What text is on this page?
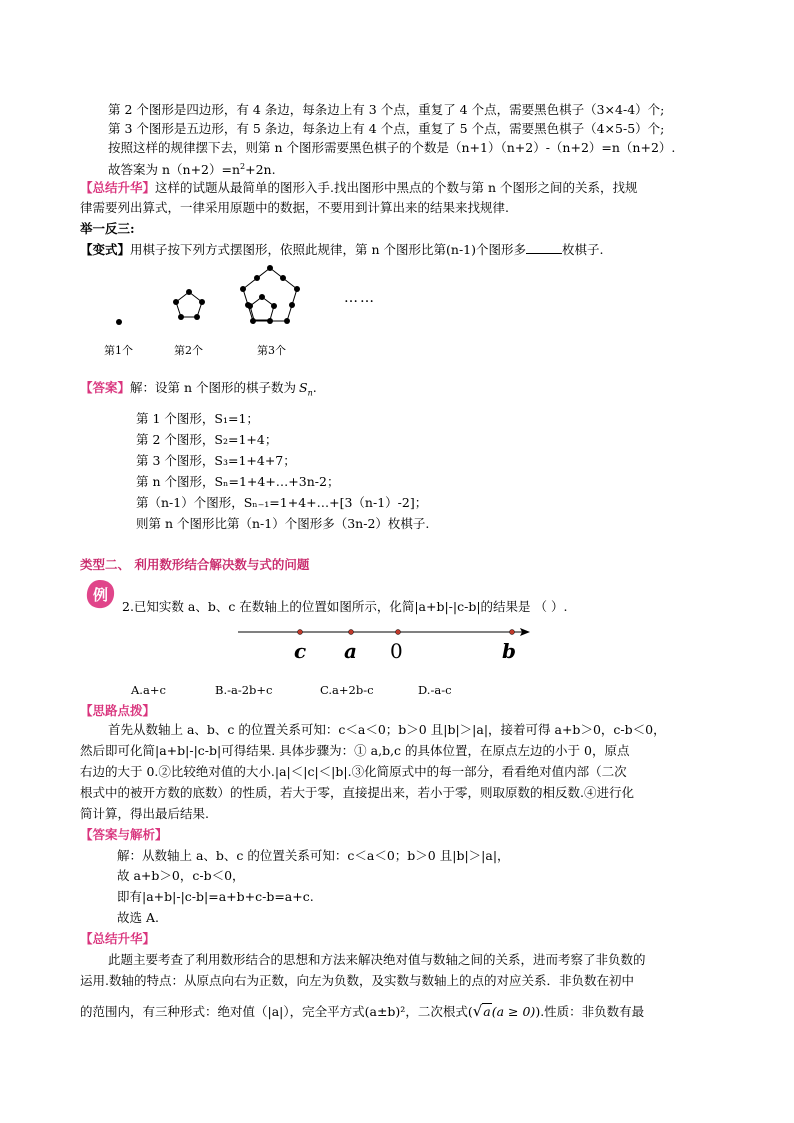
第 2 个图形是四边形，有 4 条边，每条边上有 3 个点，重复了 4 个点，需要黑色棋子（3×4-4）个;
第 3 个图形是五边形，有 5 条边，每条边上有 4 个点，重复了 5 个点，需要黑色棋子（4×5-5）个;
按照这样的规律摆下去，则第 n 个图形需要黑色棋子的个数是（n+1）（n+2）-（n+2）=n（n+2）.
故答案为 $n(n+2)=n^2+2n$.
【总结升华】这样的试题从最简单的图形入手.找出图形中黑点的个数与第 n 个图形之间的关系，找规
律需要列出算式，一律采用原题中的数据，不要用到计算出来的结果来找规律.
举一反三:
【变式】用棋子按下列方式摆图形，依照此规律，第 n 个图形比第(n-1)个图形多	枚棋子.
……
第1个	第2个	第3个
【答案】解：设第 n 个图形的棋子数为 $S_n$.
第 1 个图形，S₁=1；
第 2 个图形，S₂=1+4；
第 3 个图形，S₃=1+4+7；
第 n 个图形，Sₙ=1+4+…+3n-2；
第（n-1）个图形，Sₙ₋₁=1+4+…+[3（n-1）-2]；
则第 n 个图形比第（n-1）个图形多（3n-2）枚棋子.
类型二、 利用数形结合解决数与式的问题
例
2.已知实数 a、b、c 在数轴上的位置如图所示，化简|a+b|-|c-b|的结果是 （ ）.
c a 0	b
A.a+c	B.-a-2b+c	C.a+2b-c	D.-a-c
【思路点拨】
首先从数轴上 a、b、c 的位置关系可知：c＜a＜0；b＞0 且|b|＞|a|，接着可得 a+b＞0，c-b＜0，
然后即可化简|a+b|-|c-b|可得结果. 具体步骤为：① a,b,c 的具体位置，在原点左边的小于 0，原点
右边的大于 0.②比较绝对值的大小.|a|＜|c|＜|b|.③化简原式中的每一部分，看看绝对值内部（二次
根式中的被开方数的底数）的性质，若大于零，直接提出来，若小于零，则取原数的相反数.④进行化
简计算，得出最后结果.
【答案与解析】
解：从数轴上 a、b、c 的位置关系可知：c＜a＜0；b＞0 且|b|＞|a|，
故 a+b＞0，c-b＜0，
即有|a+b|-|c-b|=a+b+c-b=a+c.
故选 A.
【总结升华】
此题主要考查了利用数形结合的思想和方法来解决绝对值与数轴之间的关系，进而考察了非负数的
运用.数轴的特点：从原点向右为正数，向左为负数，及实数与数轴上的点的对应关系．非负数在初中
的范围内，有三种形式：绝对值（|a|），完全平方式(a±b)²，二次根式(√a(a ≥ 0)).性质：非负数有最
